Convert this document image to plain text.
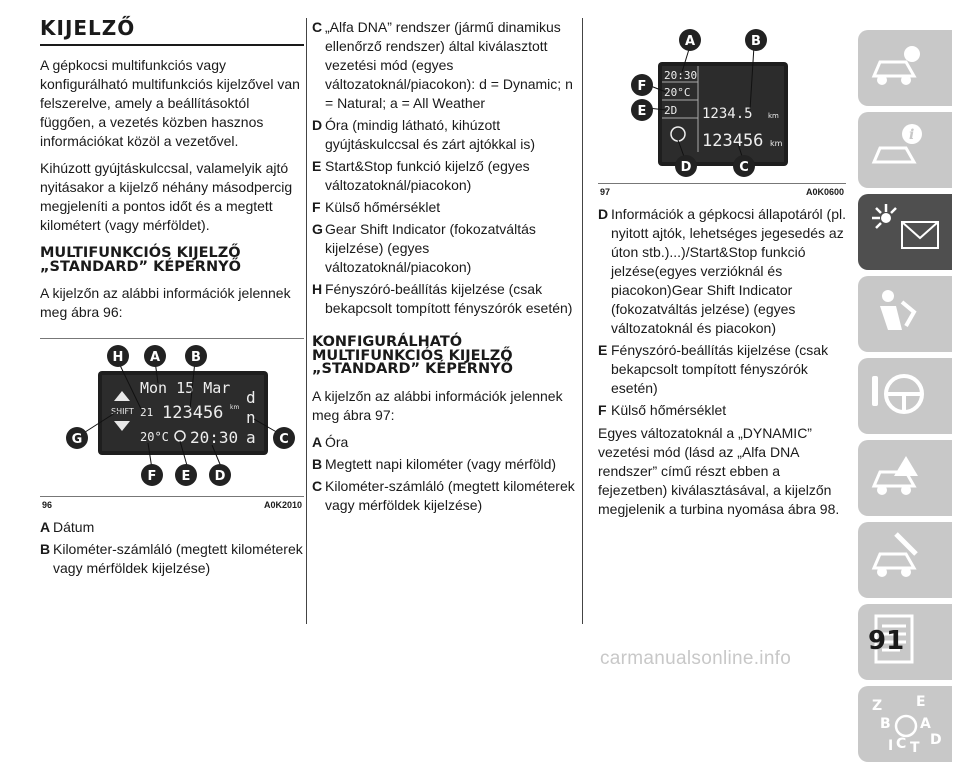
KIJELZŐ

A gépkocsi multifunkciós vagy konfigurálható multifunkciós kijelzővel van felszerelve, amely a beállításoktól függően, a vezetés közben hasznos információkat közöl a vezetővel.

Kihúzott gyújtáskulccsal, valamelyik ajtó nyitásakor a kijelző néhány másodpercig megjeleníti a pontos időt és a megtett kilométert (vagy mérföldet).

MULTIFUNKCIÓS KIJELZŐ „STANDARD” KÉPERNYŐ

A kijelzőn az alábbi információk jelennek meg ábra 96:

SHIFT
Mon 15 Mar
21 123456 km
20°C 20:30
d
n
a
H A B
G	C
F E D
96	A0K2010
A Dátum
B Kilométer-számláló (megtett kilométerek vagy mérföldek kijelzése)
C „Alfa DNA” rendszer (jármű dinamikus ellenőrző rendszer) által kiválasztott vezetési mód (egyes változatoknál/piacokon): d = Dynamic; n = Natural; a = All Weather
D Óra (mindig látható, kihúzott gyújtáskulccsal és zárt ajtókkal is)
E Start&Stop funkció kijelző (egyes változatoknál/piacokon)
F Külső hőmérséklet
G Gear Shift Indicator (fokozatváltás kijelzése) (egyes változatoknál/piacokon)
H Fényszóró-beállítás kijelzése (csak bekapcsolt tompított fényszórók esetén)
KONFIGURÁLHATÓ MULTIFUNKCIÓS KIJELZŐ „STANDARD” KÉPERNYŐ

A kijelzőn az alábbi információk jelennek meg ábra 97:

A Óra
B Megtett napi kilométer (vagy mérföld)
C Kilométer-számláló (megtett kilométerek vagy mérföldek kijelzése)
20:30
20°C
2D 1234.5
123456
km
km
A	B
F
E
D	C
97	A0K0600
D Információk a gépkocsi állapotáról (pl. nyitott ajtók, lehetséges jegesedés az úton stb.)...)/Start&Stop funkció jelzése(egyes verzióknál és piacokon)Gear Shift Indicator (fokozatváltás jelzése) (egyes változatoknál és piacokon)
E Fényszóró-beállítás kijelzése (csak bekapcsolt tompított fényszórók esetén)
F Külső hőmérséklet

Egyes változatoknál a „DYNAMIC” vezetési mód (lásd az „Alfa DNA rendszer” című részt ebben a fejezetben) kiválasztásával, a kijelzőn megjelenik a turbina nyomása ábra 98.

i
Z E
B A
C T D
I
91
carmanualsonline.info
